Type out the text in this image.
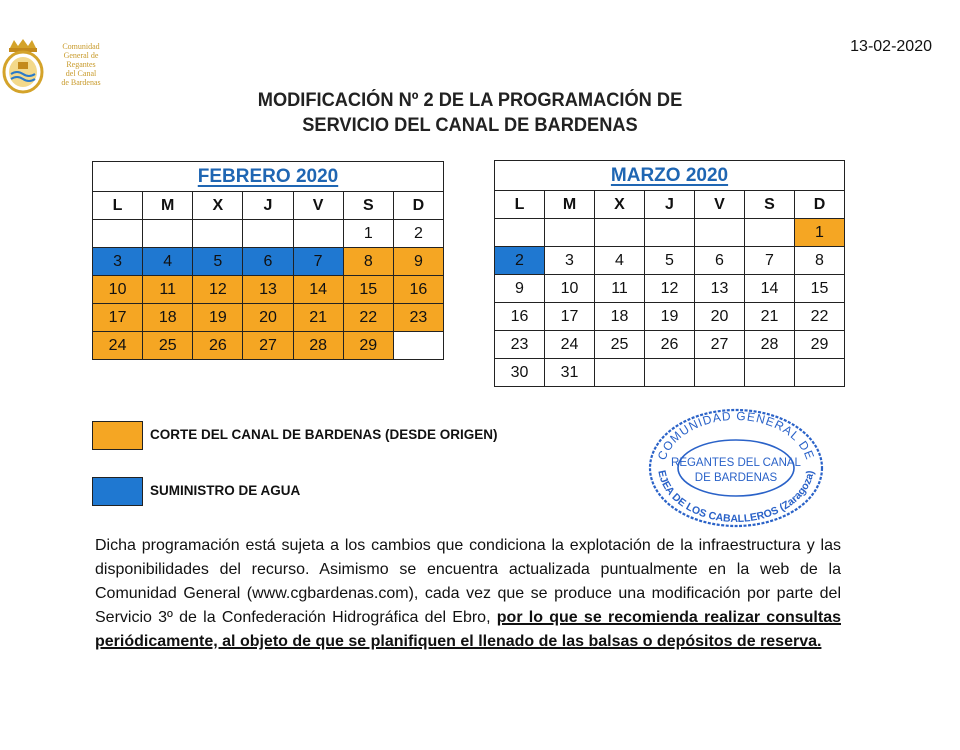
Comunidad
General de
Regantes
del Canal
de Bardenas
13-02-2020
MODIFICACIÓN Nº 2 DE LA PROGRAMACIÓN DE
SERVICIO DEL CANAL DE BARDENAS
FEBRERO 2020						
L	M	X	J	V	S	D
					1	2
3	4	5	6	7	8	9
10	11	12	13	14	15	16
17	18	19	20	21	22	23
24	25	26	27	28	29	
MARZO 2020						
L	M	X	J	V	S	D
						1
2	3	4	5	6	7	8
9	10	11	12	13	14	15
16	17	18	19	20	21	22
23	24	25	26	27	28	29
30	31					
CORTE DEL CANAL DE BARDENAS (DESDE ORIGEN)
SUMINISTRO DE AGUA
COMUNIDAD GENERAL DE
EJEA DE LOS CABALLEROS (Zaragoza)
REGANTES DEL CANAL
DE BARDENAS
Dicha programación está sujeta a los cambios que condiciona la explotación de la infraestructura y las disponibilidades del recurso. Asimismo se encuentra actualizada puntualmente en la web de la Comunidad General (www.cgbardenas.com), cada vez que se produce una modificación por parte del Servicio 3º de la Confederación Hidrográfica del Ebro, por lo que se recomienda realizar consultas periódicamente, al objeto de que se planifiquen el llenado de las balsas o depósitos de reserva.
